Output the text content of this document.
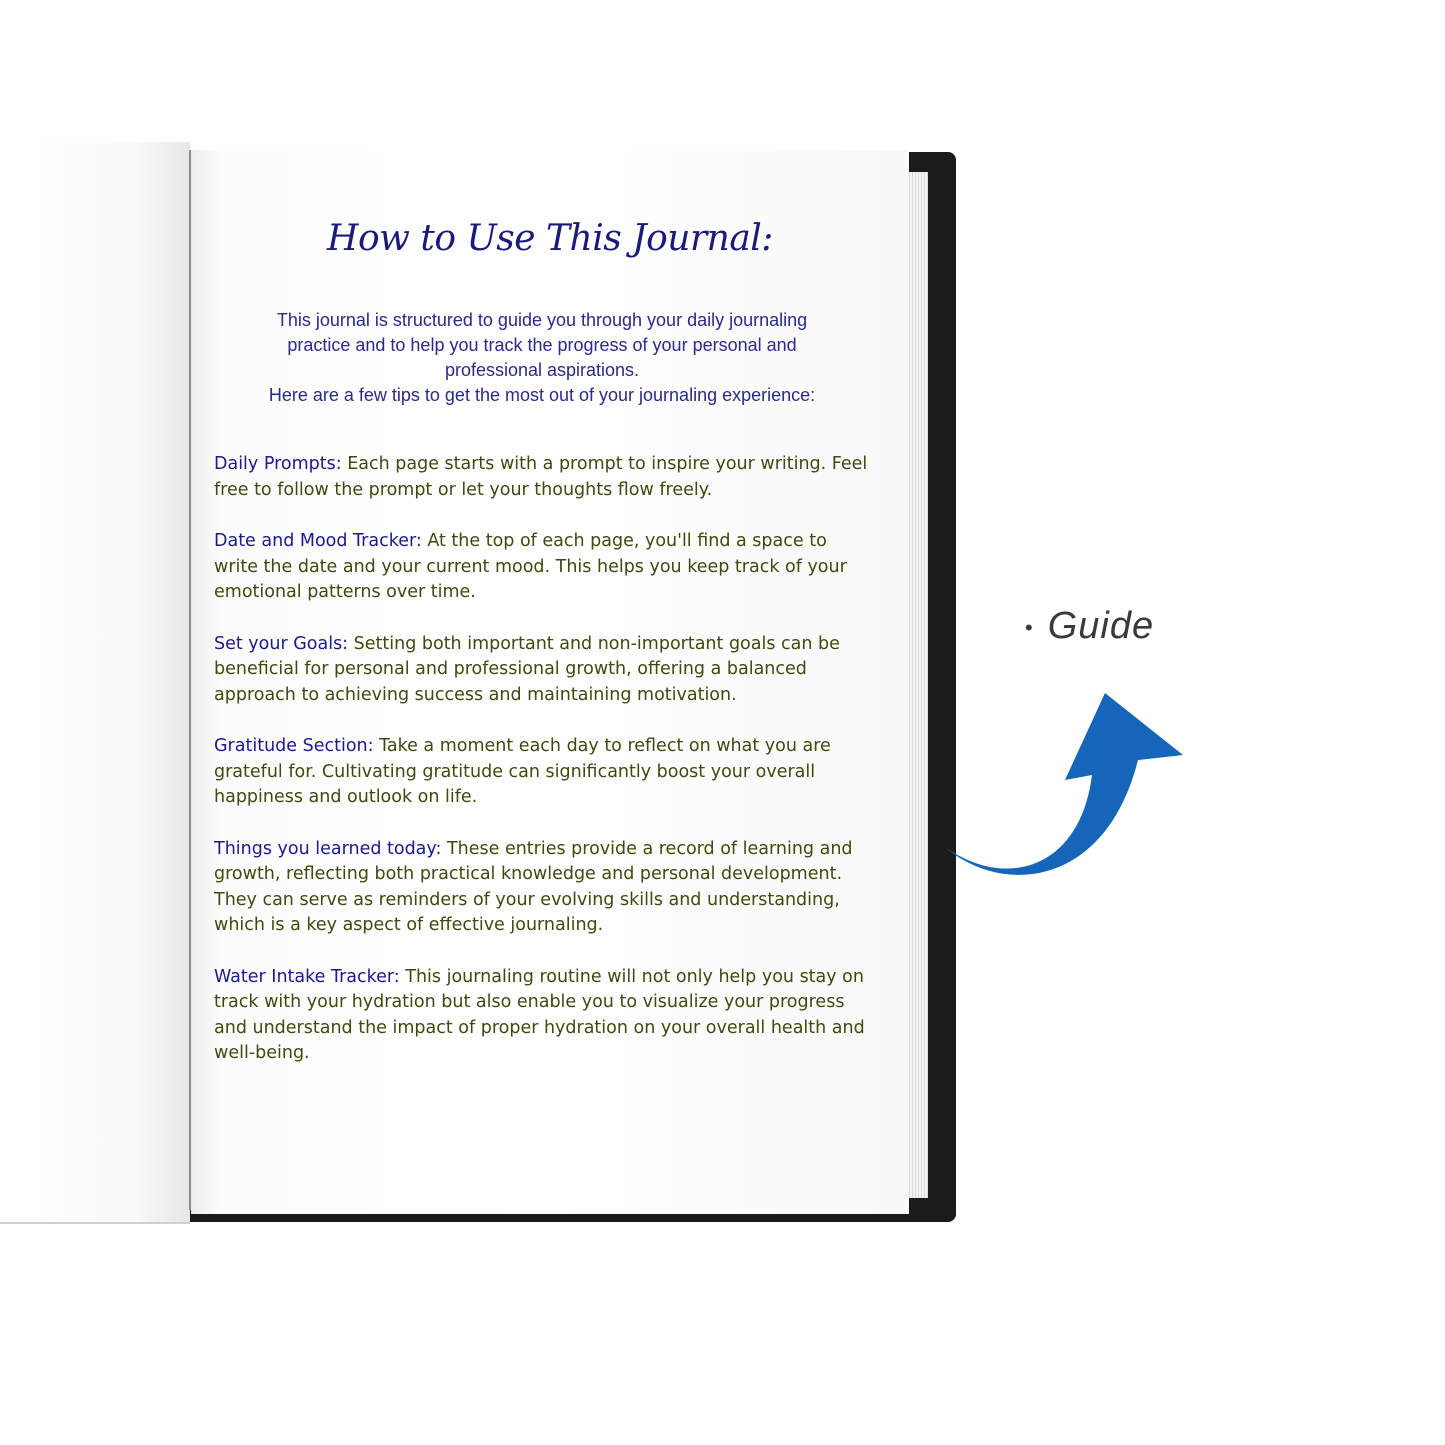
How to Use This Journal:

This journal is structured to guide you through your daily journaling

practice and to help you track the progress of your personal and

professional aspirations.

Here are a few tips to get the most out of your journaling experience:

Daily Prompts: Each page starts with a prompt to inspire your writing. Feel free to follow the prompt or let your thoughts flow freely.

Date and Mood Tracker: At the top of each page, you'll find a space to write the date and your current mood. This helps you keep track of your emotional patterns over time.

Set your Goals: Setting both important and non-important goals can be beneficial for personal and professional growth, offering a balanced approach to achieving success and maintaining motivation.

Gratitude Section: Take a moment each day to reflect on what you are grateful for. Cultivating gratitude can significantly boost your overall happiness and outlook on life.

Things you learned today: These entries provide a record of learning and growth, reflecting both practical knowledge and personal development. They can serve as reminders of your evolving skills and understanding, which is a key aspect of effective journaling.

Water Intake Tracker: This journaling routine will not only help you stay on track with your hydration but also enable you to visualize your progress and understand the impact of proper hydration on your overall health and well-being.

• Guide
